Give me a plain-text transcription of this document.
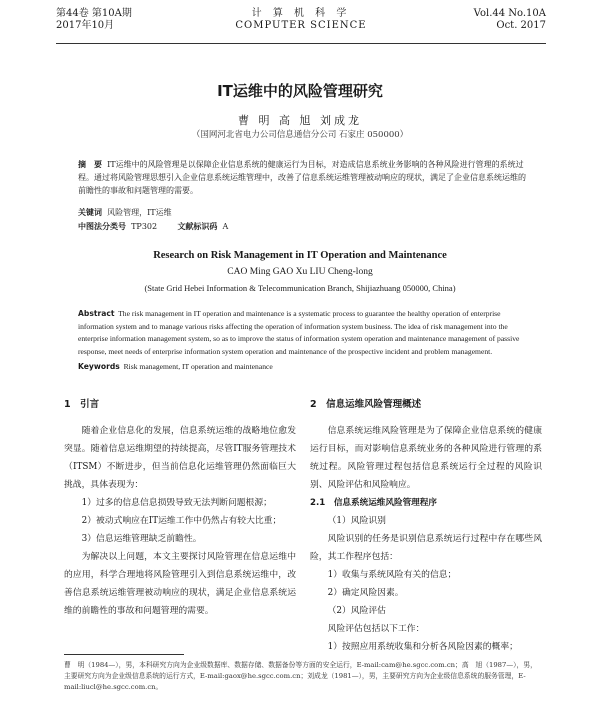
第44卷 第10A期
2017年10月
计 算 机 科 学
COMPUTER SCIENCE
Vol.44 No.10A
Oct. 2017
IT运维中的风险管理研究
曹 明 高 旭 刘成龙
（国网河北省电力公司信息通信分公司 石家庄 050000）
摘　要 IT运维中的风险管理是以保障企业信息系统的健康运行为目标，对造成信息系统业务影响的各种风险进行管理的系统过程。通过将风险管理思想引入企业信息系统运维管理中，改善了信息系统运维管理被动响应的现状，满足了企业信息系统运维的前瞻性的事故和问题管理的需要。
关键词 风险管理，IT运维
中图法分类号 TP302	文献标识码 A
Research on Risk Management in IT Operation and Maintenance
CAO Ming GAO Xu LIU Cheng-long
(State Grid Hebei Information & Telecommunication Branch, Shijiazhuang 050000, China)
Abstract The risk management in IT operation and maintenance is a systematic process to guarantee the healthy operation of enterprise information system and to manage various risks affecting the operation of information system business. The idea of risk management into the enterprise information management system, so as to improve the status of information system operation and maintenance management of passive response, meet needs of enterprise information system operation and maintenance of the prospective incident and problem management.
Keywords Risk management, IT operation and maintenance
1　引言
随着企业信息化的发展，信息系统运维的战略地位愈发突显。随着信息运维期望的持续提高，尽管IT服务管理技术（ITSM）不断进步，但当前信息化运维管理仍然面临巨大挑战，具体表现为：
1）过多的信息信息损毁导致无法判断问题根源；
2）被动式响应在IT运维工作中仍然占有较大比重；
3）信息运维管理缺乏前瞻性。
为解决以上问题，本文主要探讨风险管理在信息运维中的应用，科学合理地将风险管理引入到信息系统运维中，改善信息系统运维管理被动响应的现状，满足企业信息系统运维的前瞻性的事故和问题管理的需要。
2　信息运维风险管理概述
信息系统运维风险管理是为了保障企业信息系统的健康运行目标，而对影响信息系统业务的各种风险进行管理的系统过程。风险管理过程包括信息系统运行全过程的风险识别、风险评估和风险响应。
2.1　信息系统运维风险管理程序
（1）风险识别
风险识别的任务是识别信息系统运行过程中存在哪些风险，其工作程序包括：
1）收集与系统风险有关的信息；
2）确定风险因素。
（2）风险评估
风险评估包括以下工作：
1）按照应用系统收集和分析各风险因素的概率；
曹　明（1984—），男，本科研究方向为企业级数据库、数据存储、数据备份等方面的安全运行，E-mail:cam@he.sgcc.com.cn；高　旭（1987—），男，主要研究方向为企业级信息系统的运行方式，E-mail:gaox@he.sgcc.com.cn；刘成龙（1981—），男，主要研究方向为企业级信息系统的服务管理，E-mail:liucl@he.sgcc.com.cn。
